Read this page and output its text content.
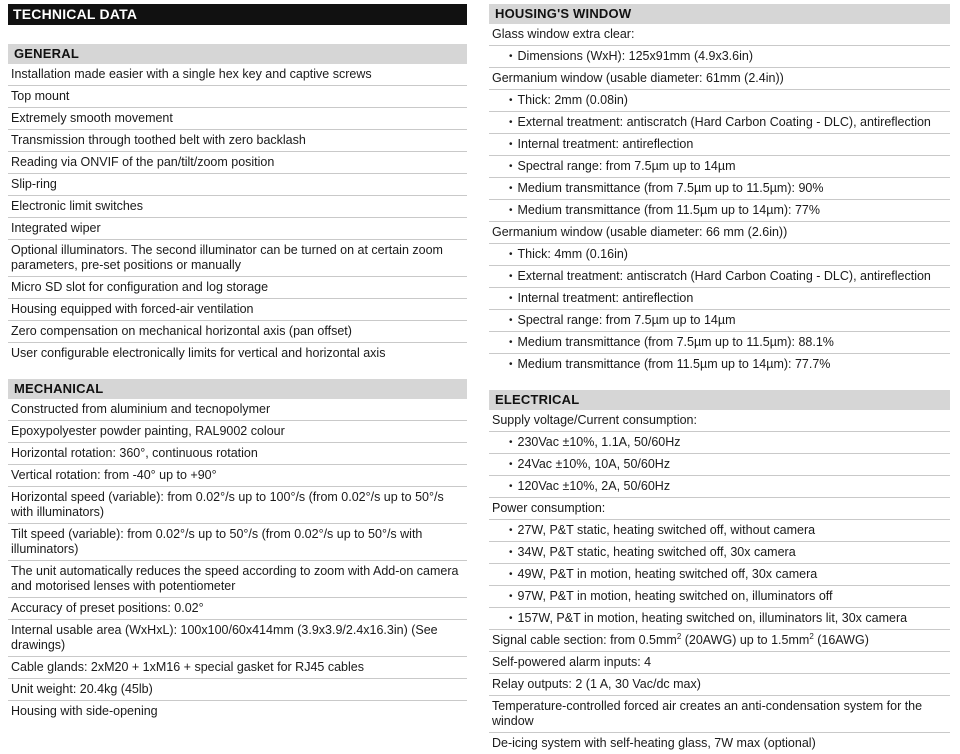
TECHNICAL DATA
GENERAL
Installation made easier with a single hex key and captive screws
Top mount
Extremely smooth movement
Transmission through toothed belt with zero backlash
Reading via ONVIF of the pan/tilt/zoom position
Slip-ring
Electronic limit switches
Integrated wiper
Optional illuminators. The second illuminator can be turned on at certain zoom parameters, pre-set positions or manually
Micro SD slot for configuration and log storage
Housing equipped with forced-air ventilation
Zero compensation on mechanical horizontal axis (pan offset)
User configurable electronically limits for vertical and horizontal axis
MECHANICAL
Constructed from aluminium and tecnopolymer
Epoxypolyester powder painting, RAL9002 colour
Horizontal rotation: 360°, continuous rotation
Vertical rotation: from -40° up to +90°
Horizontal speed (variable): from 0.02°/s up to 100°/s (from 0.02°/s up to 50°/s with illuminators)
Tilt speed (variable): from 0.02°/s up to 50°/s (from 0.02°/s up to 50°/s with illuminators)
The unit automatically reduces the speed according to zoom with Add-on camera and motorised lenses with potentiometer
Accuracy of preset positions: 0.02°
Internal usable area (WxHxL): 100x100/60x414mm (3.9x3.9/2.4x16.3in) (See drawings)
Cable glands: 2xM20 + 1xM16 + special gasket for RJ45 cables
Unit weight: 20.4kg (45lb)
Housing with side-opening
HOUSING'S WINDOW
Glass window extra clear:
• Dimensions (WxH): 125x91mm (4.9x3.6in)
Germanium window (usable diameter: 61mm (2.4in))
• Thick: 2mm (0.08in)
• External treatment: antiscratch (Hard Carbon Coating - DLC), antireflection
• Internal treatment: antireflection
• Spectral range: from 7.5µm up to 14µm
• Medium transmittance (from 7.5µm up to 11.5µm): 90%
• Medium transmittance (from 11.5µm up to 14µm): 77%
Germanium window (usable diameter: 66 mm (2.6in))
• Thick: 4mm (0.16in)
• External treatment: antiscratch (Hard Carbon Coating - DLC), antireflection
• Internal treatment: antireflection
• Spectral range: from 7.5µm up to 14µm
• Medium transmittance (from 7.5µm up to 11.5µm): 88.1%
• Medium transmittance (from 11.5µm up to 14µm): 77.7%
ELECTRICAL
Supply voltage/Current consumption:
• 230Vac ±10%, 1.1A, 50/60Hz
• 24Vac ±10%, 10A, 50/60Hz
• 120Vac ±10%, 2A, 50/60Hz
Power consumption:
• 27W, P&T static, heating switched off, without camera
• 34W, P&T static, heating switched off, 30x camera
• 49W, P&T in motion, heating switched off, 30x camera
• 97W, P&T in motion, heating switched on, illuminators off
• 157W, P&T in motion, heating switched on, illuminators lit, 30x camera
Signal cable section: from $0.5mm^2$ (20AWG) up to $1.5mm^2$ (16AWG)
Self-powered alarm inputs: 4
Relay outputs: 2 (1 A, 30 Vac/dc max)
Temperature-controlled forced air creates an anti-condensation system for the window
De-icing system with self-heating glass, 7W max (optional)
